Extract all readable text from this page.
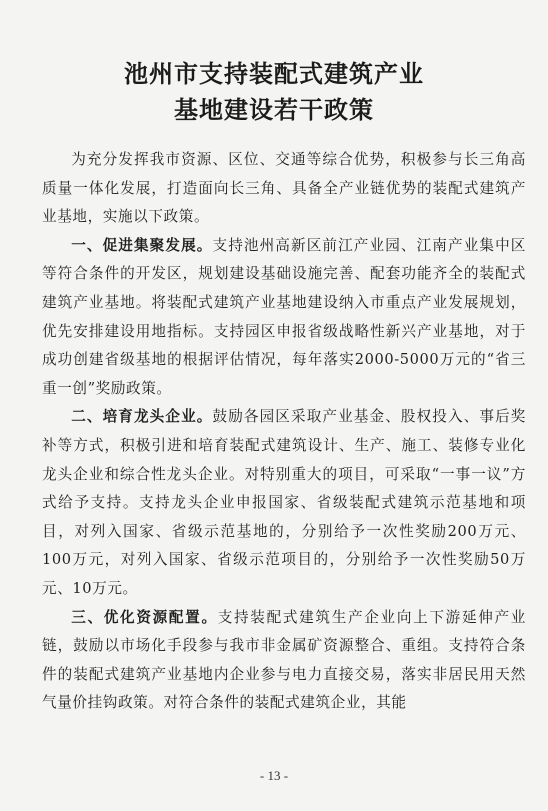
池州市支持装配式建筑产业
基地建设若干政策

为充分发挥我市资源、区位、交通等综合优势，积极参与长三角高质量一体化发展，打造面向长三角、具备全产业链优势的装配式建筑产业基地，实施以下政策。

一、促进集聚发展。支持池州高新区前江产业园、江南产业集中区等符合条件的开发区，规划建设基础设施完善、配套功能齐全的装配式建筑产业基地。将装配式建筑产业基地建设纳入市重点产业发展规划，优先安排建设用地指标。支持园区申报省级战略性新兴产业基地，对于成功创建省级基地的根据评估情况，每年落实2000-5000万元的“省三重一创”奖励政策。

二、培育龙头企业。鼓励各园区采取产业基金、股权投入、事后奖补等方式，积极引进和培育装配式建筑设计、生产、施工、装修专业化龙头企业和综合性龙头企业。对特别重大的项目，可采取“一事一议”方式给予支持。支持龙头企业申报国家、省级装配式建筑示范基地和项目，对列入国家、省级示范基地的，分别给予一次性奖励200万元、100万元，对列入国家、省级示范项目的，分别给予一次性奖励50万元、10万元。

三、优化资源配置。支持装配式建筑生产企业向上下游延伸产业链，鼓励以市场化手段参与我市非金属矿资源整合、重组。支持符合条件的装配式建筑产业基地内企业参与电力直接交易，落实非居民用天然气量价挂钩政策。对符合条件的装配式建筑企业，其能

- 13 -
